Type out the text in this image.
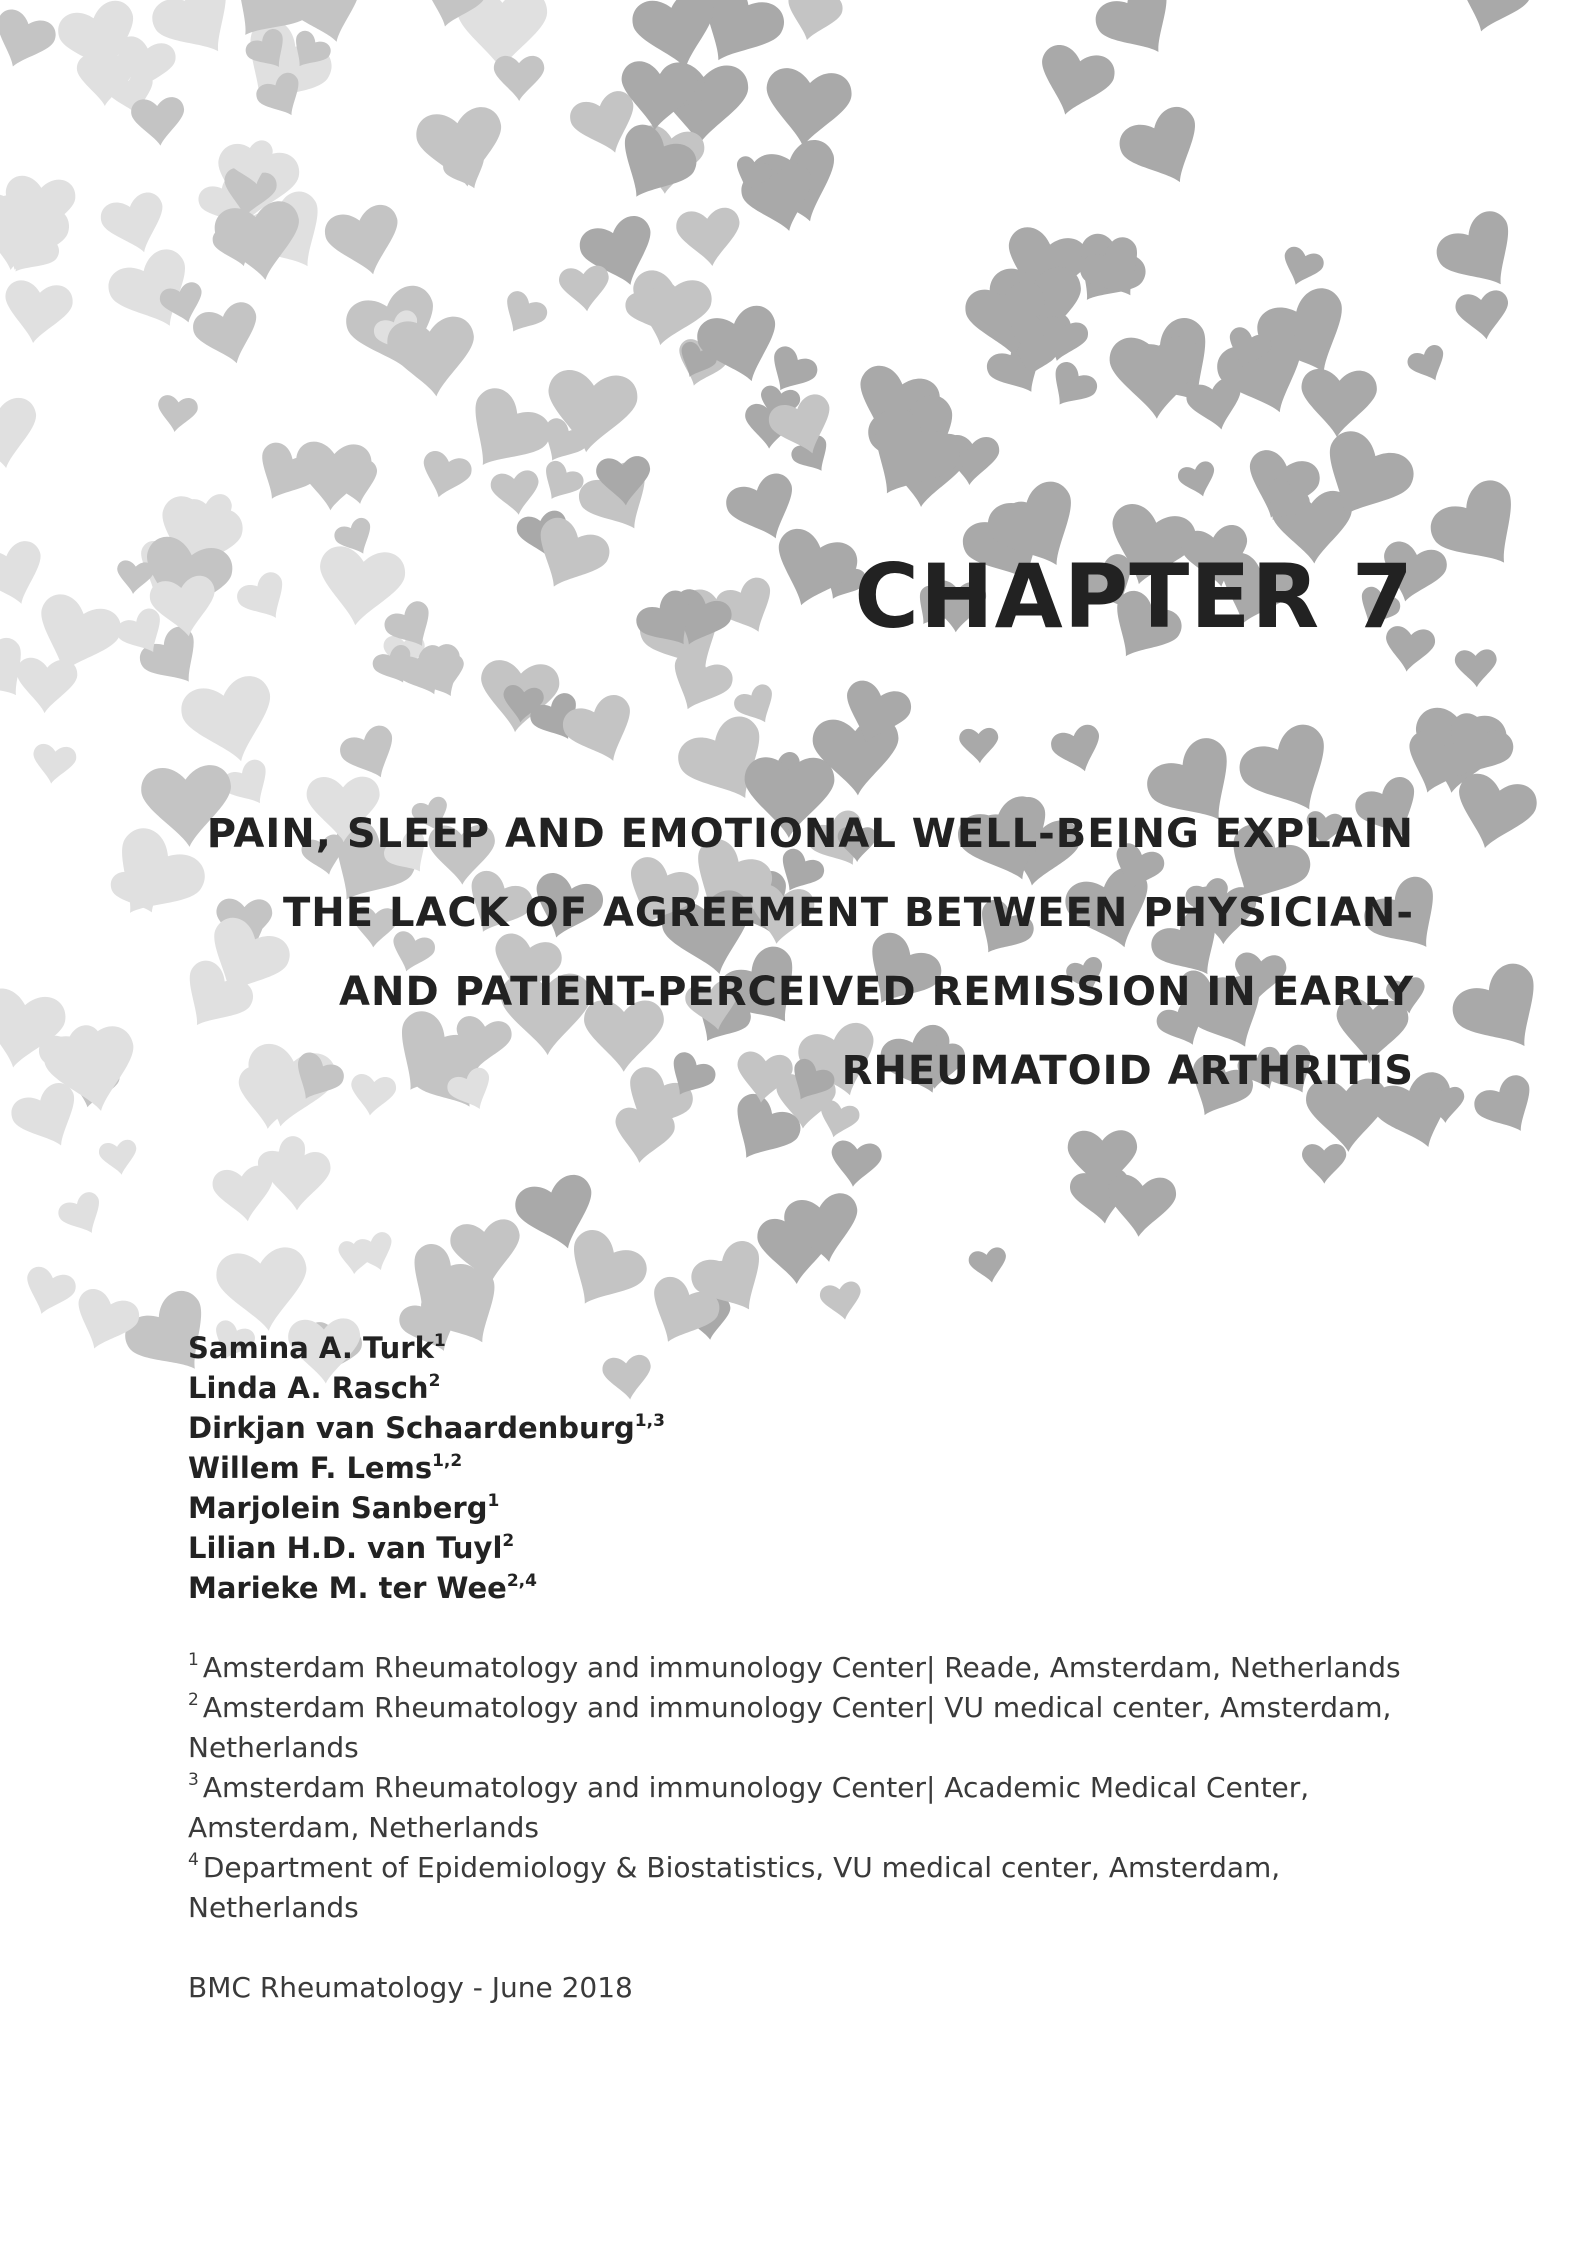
CHAPTER 7
PAIN, SLEEP AND EMOTIONAL WELL-BEING EXPLAIN
THE LACK OF AGREEMENT BETWEEN PHYSICIAN-
AND PATIENT-PERCEIVED REMISSION IN EARLY
RHEUMATOID ARTHRITIS
Samina A. Turk$^1$
Linda A. Rasch$^2$
Dirkjan van Schaardenburg$^{1,3}$
Willem F. Lems$^{1,2}$
Marjolein Sanberg$^1$
Lilian H.D. van Tuyl$^2$
Marieke M. ter Wee$^{2,4}$
$^1$ Amsterdam Rheumatology and immunology Center| Reade, Amsterdam, Netherlands
$^2$ Amsterdam Rheumatology and immunology Center| VU medical center, Amsterdam, Netherlands
$^3$ Amsterdam Rheumatology and immunology Center| Academic Medical Center, Amsterdam, Netherlands
$^4$ Department of Epidemiology & Biostatistics, VU medical center, Amsterdam, Netherlands
BMC Rheumatology - June 2018
